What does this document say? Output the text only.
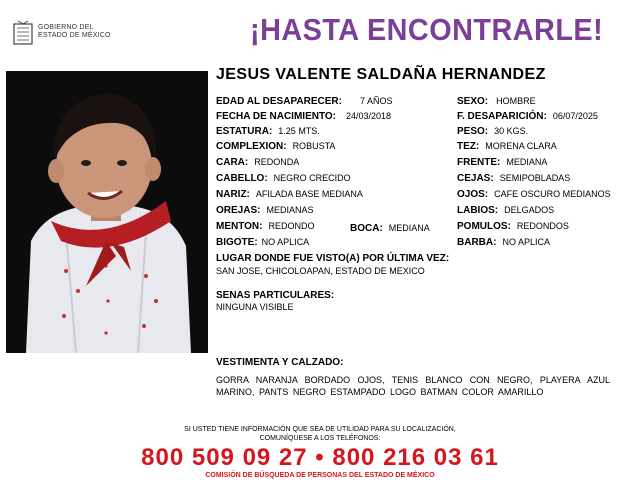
GOBIERNO DEL
ESTADO DE MÉXICO	¡HASTA ENCONTRARLE!
JESUS VALENTE SALDAÑA HERNANDEZ
EDAD AL DESAPARECER: 7 AÑOS
FECHA DE NACIMIENTO: 24/03/2018
ESTATURA: 1.25 MTS.
COMPLEXION: ROBUSTA
CARA: REDONDA
CABELLO: NEGRO CRECIDO
NARIZ: AFILADA BASE MEDIANA
OREJAS: MEDIANAS
MENTON: REDONDO	BOCA: MEDIANA
BIGOTE: NO APLICA
SEXO: HOMBRE
F. DESAPARICIÓN: 06/07/2025
PESO: 30 KGS.
TEZ: MORENA CLARA
FRENTE: MEDIANA
CEJAS: SEMIPOBLADAS
OJOS: CAFE OSCURO MEDIANOS
LABIOS: DELGADOS
POMULOS: REDONDOS
BARBA: NO APLICA
LUGAR DONDE FUE VISTO(A) POR ÚLTIMA VEZ:
SAN JOSE, CHICOLOAPAN, ESTADO DE MEXICO
SENAS PARTICULARES:
NINGUNA VISIBLE
VESTIMENTA Y CALZADO:
GORRA NARANJA BORDADO OJOS, TENIS BLANCO CON NEGRO, PLAYERA AZUL MARINO, PANTS NEGRO ESTAMPADO LOGO BATMAN COLOR AMARILLO
SI USTED TIENE INFORMACIÓN QUE SEA DE UTILIDAD PARA SU LOCALIZACIÓN,
COMUNÍQUESE A LOS TELÉFONOS:
800 509 09 27 • 800 216 03 61
COMISIÓN DE BÚSQUEDA DE PERSONAS DEL ESTADO DE MÉXICO
